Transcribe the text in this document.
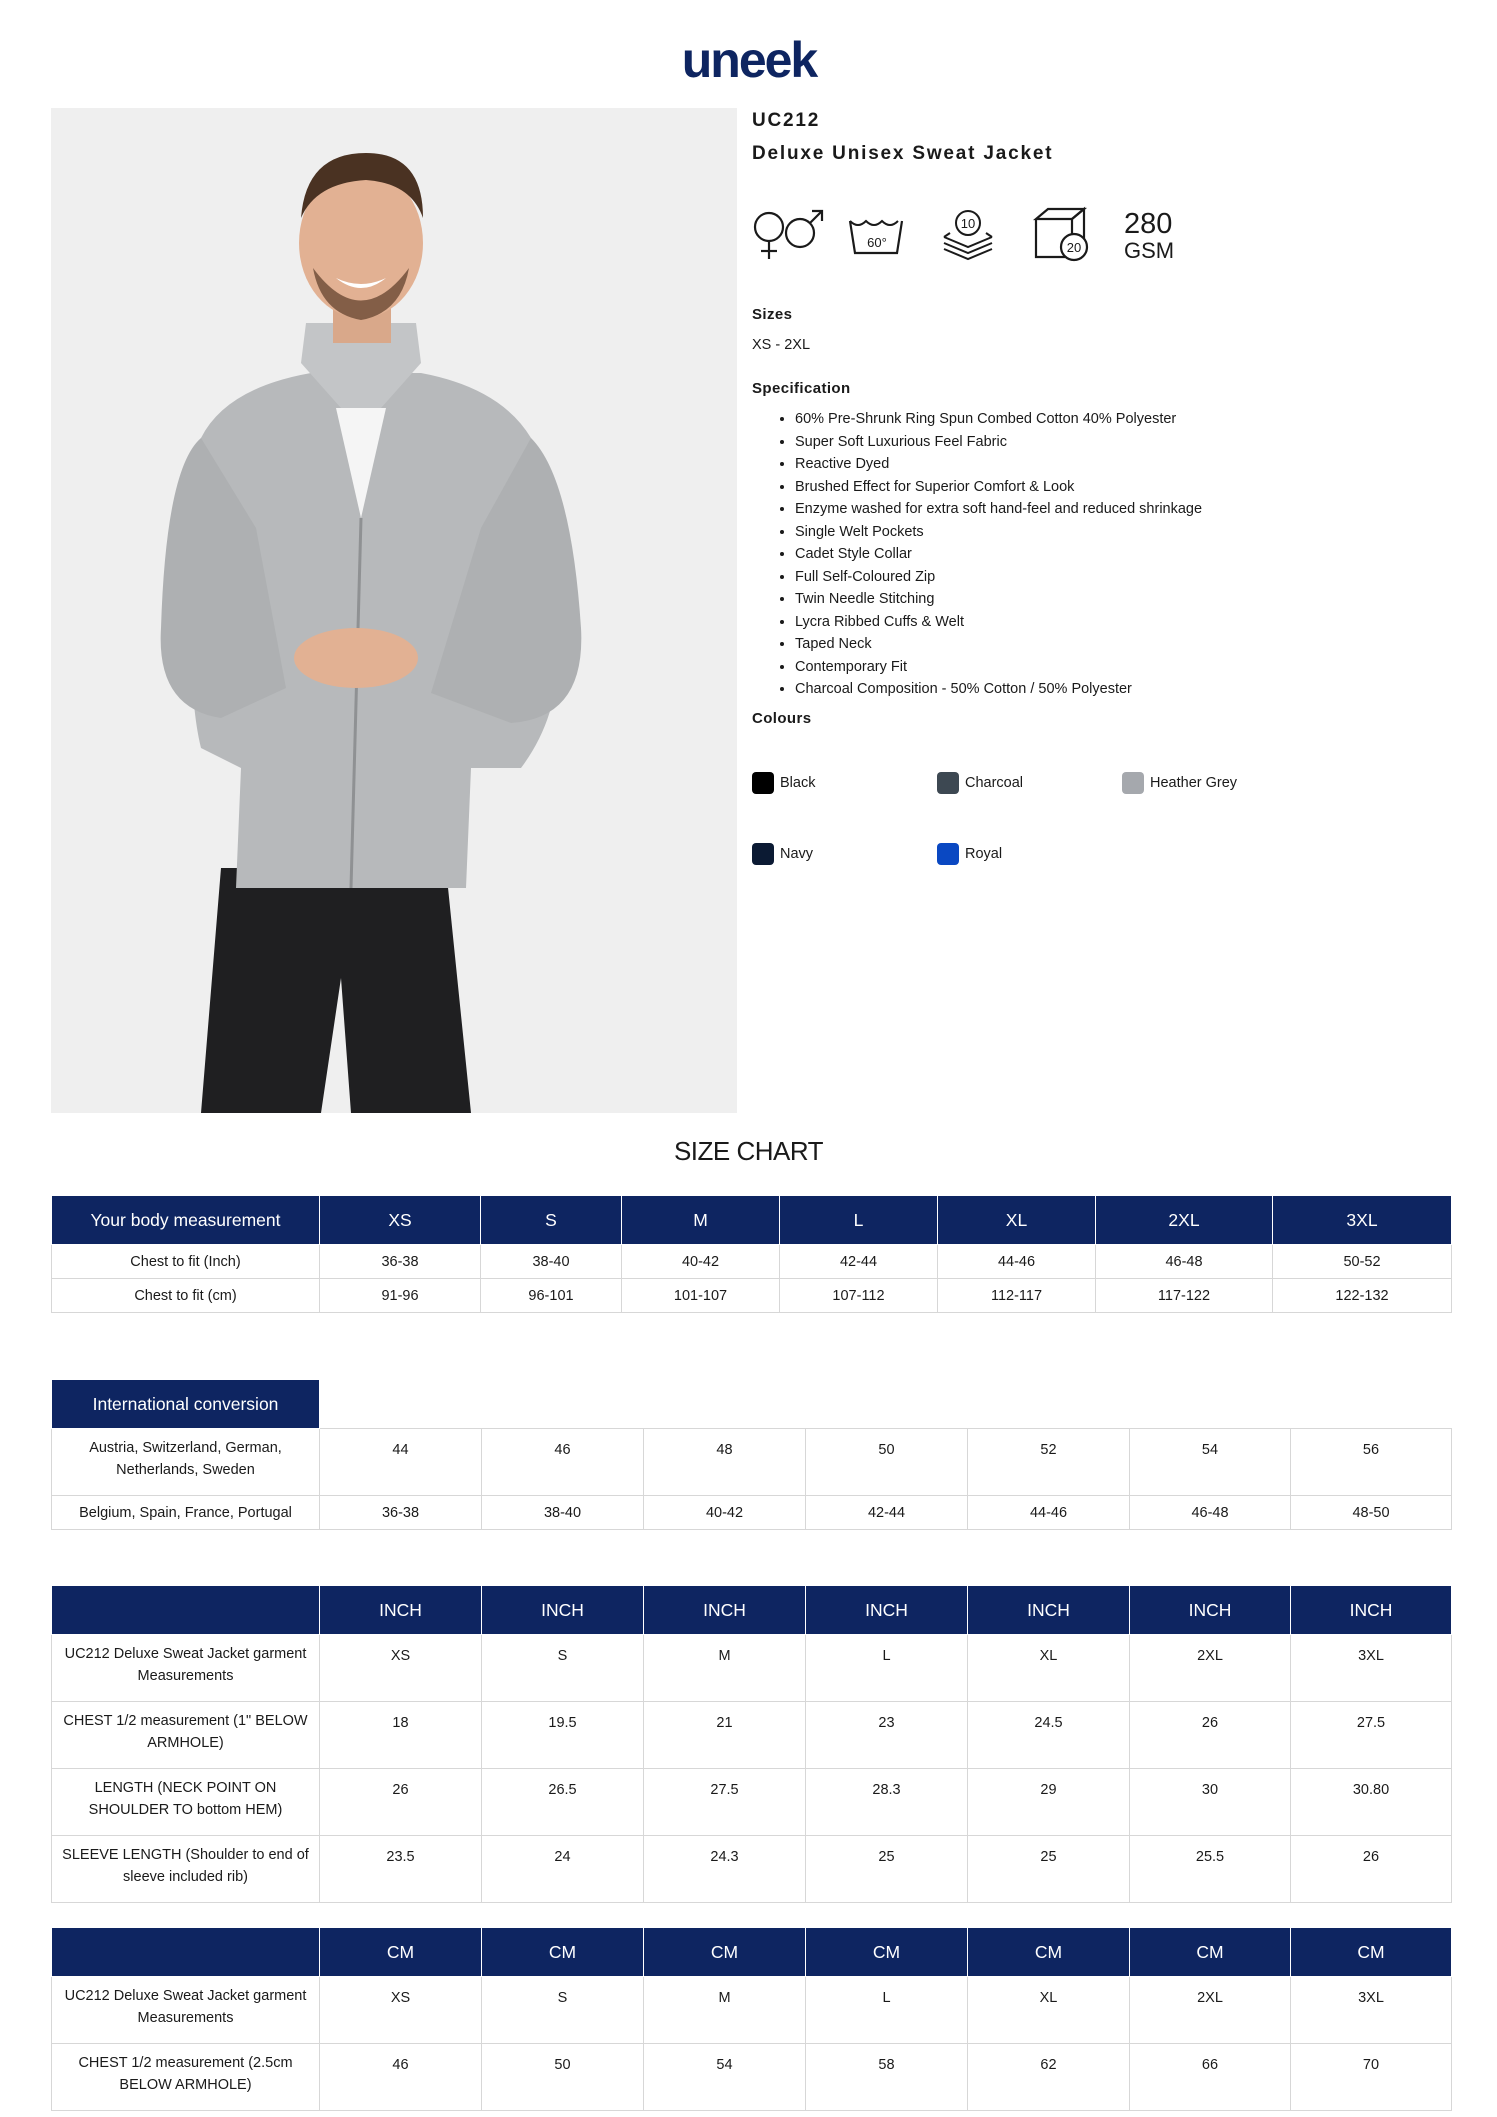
uneek
UC212
Deluxe Unisex Sweat Jacket
60°
10
20
280
GSM
Sizes
XS - 2XL
Specification
• 60% Pre-Shrunk Ring Spun Combed Cotton 40% Polyester
• Super Soft Luxurious Feel Fabric
• Reactive Dyed
• Brushed Effect for Superior Comfort & Look
• Enzyme washed for extra soft hand-feel and reduced shrinkage
• Single Welt Pockets
• Cadet Style Collar
• Full Self-Coloured Zip
• Twin Needle Stitching
• Lycra Ribbed Cuffs & Welt
• Taped Neck
• Contemporary Fit
• Charcoal Composition - 50% Cotton / 50% Polyester
Colours
Black	Charcoal	Heather Grey
Navy	Royal
SIZE CHART
Your body measurement	XS	S	M	L	XL	2XL	3XL
Chest to fit (Inch)	36-38	38-40	40-42	42-44	44-46	46-48	50-52
Chest to fit (cm)	91-96	96-101	101-107	107-112	112-117	117-122	122-132
International conversion							
Austria, Switzerland, German, Netherlands, Sweden	44	46	48	50	52	54	56
Belgium, Spain, France, Portugal	36-38	38-40	40-42	42-44	44-46	46-48	48-50
	INCH	INCH	INCH	INCH	INCH	INCH	INCH
UC212 Deluxe Sweat Jacket garment Measurements	XS	S	M	L	XL	2XL	3XL
CHEST 1/2 measurement (1" BELOW ARMHOLE)	18	19.5	21	23	24.5	26	27.5
LENGTH (NECK POINT ON SHOULDER TO bottom HEM)	26	26.5	27.5	28.3	29	30	30.80
SLEEVE LENGTH (Shoulder to end of sleeve included rib)	23.5	24	24.3	25	25	25.5	26
	CM	CM	CM	CM	CM	CM	CM
UC212 Deluxe Sweat Jacket garment Measurements	XS	S	M	L	XL	2XL	3XL
CHEST 1/2 measurement (2.5cm BELOW ARMHOLE)	46	50	54	58	62	66	70
